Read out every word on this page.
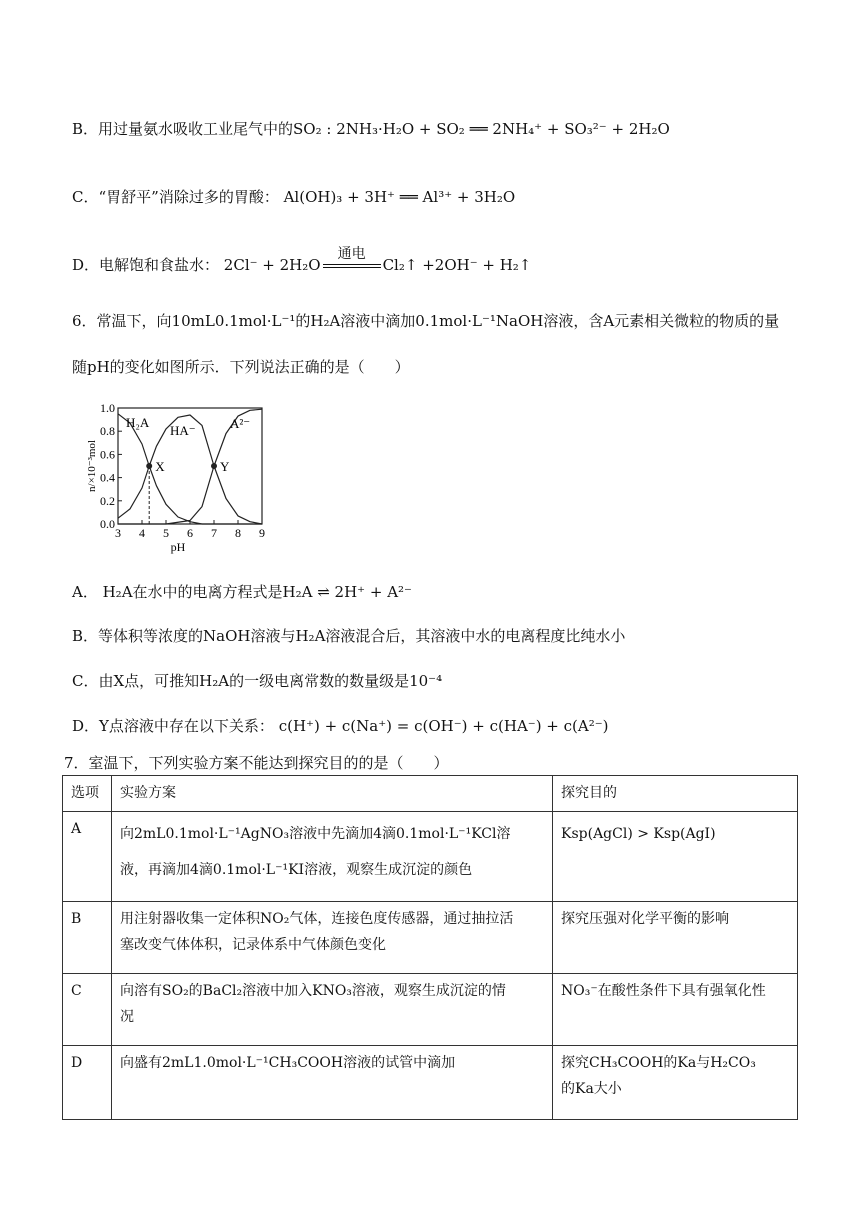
B．用过量氨水吸收工业尾气中的SO₂ : 2NH₃·H₂O + SO₂ ══ 2NH₄⁺ + SO₃²⁻ + 2H₂O
C．“胃舒平”消除过多的胃酸： Al(OH)₃ + 3H⁺ ══ Al³⁺ + 3H₂O
D．电解饱和食盐水： 2Cl⁻ + 2H₂O
通电
Cl₂↑ +2OH⁻ + H₂↑
6．常温下，向10mL0.1mol·L⁻¹的H₂A溶液中滴加0.1mol·L⁻¹NaOH溶液，含A元素相关微粒的物质的量
随pH的变化如图所示．下列说法正确的是（　　）
1.0
0.8
0.6
0.4
0.2
0.0
3 4 5 6 7 8 9
pH
n/×10⁻³mol
H₂A
HA⁻	A²⁻
X	Y
A． H₂A在水中的电离方程式是H₂A ⇌ 2H⁺ + A²⁻
B．等体积等浓度的NaOH溶液与H₂A溶液混合后，其溶液中水的电离程度比纯水小
C．由X点，可推知H₂A的一级电离常数的数量级是10⁻⁴
D．Y点溶液中存在以下关系： c(H⁺) + c(Na⁺) = c(OH⁻) + c(HA⁻) + c(A²⁻)
7．室温下，下列实验方案不能达到探究目的的是（　　）
选项	实验方案	探究目的
A	向2mL0.1mol·L⁻¹AgNO₃溶液中先滴加4滴0.1mol·L⁻¹KCl溶
液，再滴加4滴0.1mol·L⁻¹KI溶液，观察生成沉淀的颜色	Ksp(AgCl) > Ksp(AgI)
B	用注射器收集一定体积NO₂气体，连接色度传感器，通过抽拉活
塞改变气体体积，记录体系中气体颜色变化	探究压强对化学平衡的影响
C	向溶有SO₂的BaCl₂溶液中加入KNO₃溶液，观察生成沉淀的情
况	NO₃⁻在酸性条件下具有强氧化性
D	向盛有2mL1.0mol·L⁻¹CH₃COOH溶液的试管中滴加	探究CH₃COOH的Ka与H₂CO₃
的Ka大小
